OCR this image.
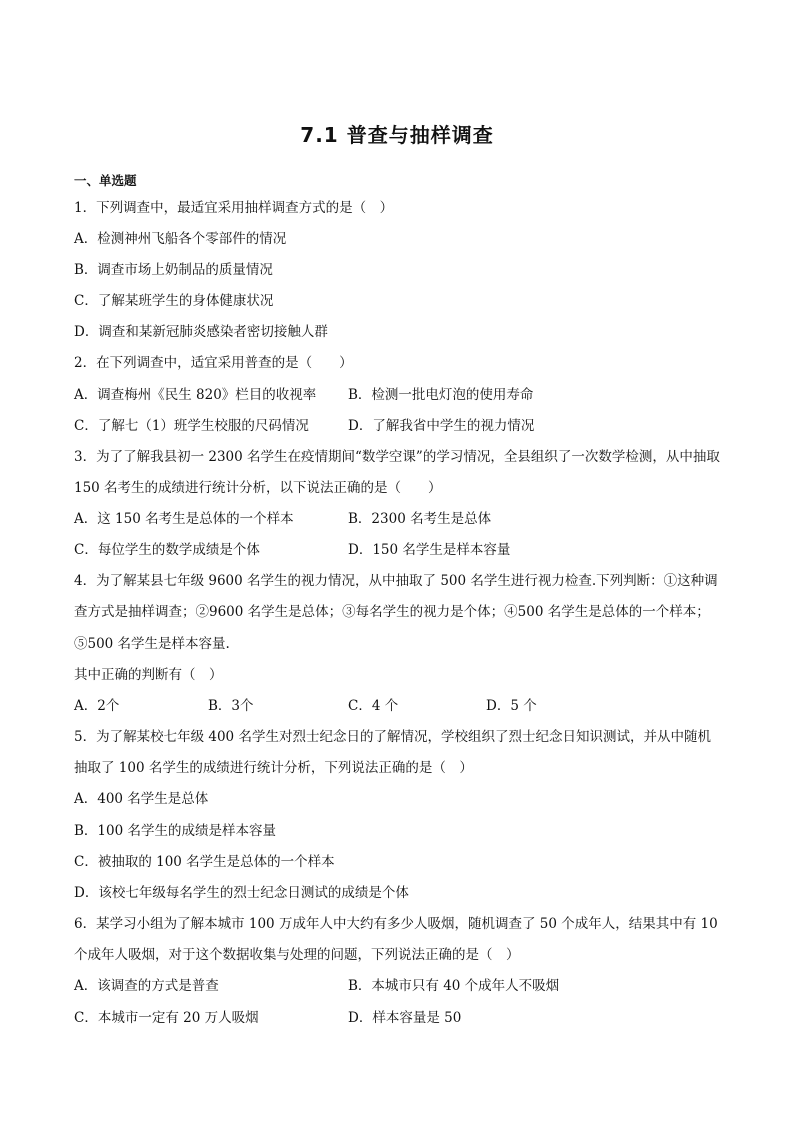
7.1 普查与抽样调查
一、单选题
1．下列调查中，最适宜采用抽样调查方式的是（　）
A．检测神州飞船各个零部件的情况
B．调查市场上奶制品的质量情况
C．了解某班学生的身体健康状况
D．调查和某新冠肺炎感染者密切接触人群
2．在下列调查中，适宜采用普查的是（　　）
A．调查梅州《民生 820》栏目的收视率 B．检测一批电灯泡的使用寿命
C．了解七（1）班学生校服的尺码情况	D．了解我省中学生的视力情况
3．为了了解我县初一 2300 名学生在疫情期间“数学空课”的学习情况，全县组织了一次数学检测，从中抽取
150 名考生的成绩进行统计分析，以下说法正确的是（　　）
A．这 150 名考生是总体的一个样本	B．2300 名考生是总体
C．每位学生的数学成绩是个体	D．150 名学生是样本容量
4．为了解某县七年级 9600 名学生的视力情况，从中抽取了 500 名学生进行视力检查.下列判断：①这种调
查方式是抽样调查；②9600 名学生是总体；③每名学生的视力是个体；④500 名学生是总体的一个样本；
⑤500 名学生是样本容量.
其中正确的判断有（　）
A．2个	B．3个	C．4 个	D．5 个
5．为了解某校七年级 400 名学生对烈士纪念日的了解情况，学校组织了烈士纪念日知识测试，并从中随机
抽取了 100 名学生的成绩进行统计分析，下列说法正确的是（　）
A．400 名学生是总体
B．100 名学生的成绩是样本容量
C．被抽取的 100 名学生是总体的一个样本
D．该校七年级每名学生的烈士纪念日测试的成绩是个体
6．某学习小组为了解本城市 100 万成年人中大约有多少人吸烟，随机调查了 50 个成年人，结果其中有 10
个成年人吸烟，对于这个数据收集与处理的问题，下列说法正确的是（　）
A．该调查的方式是普查	B．本城市只有 40 个成年人不吸烟
C．本城市一定有 20 万人吸烟	D．样本容量是 50
